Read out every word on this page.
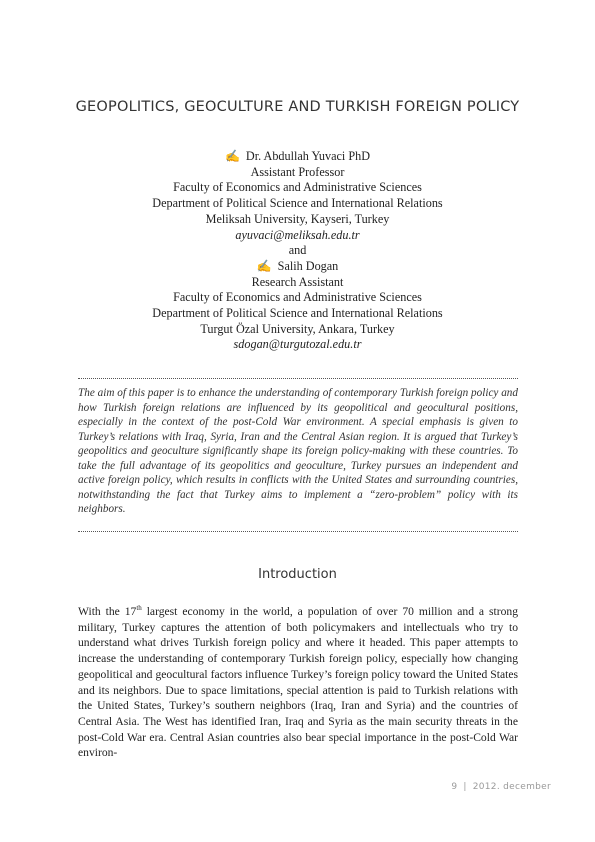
GEOPOLITICS, GEOCULTURE AND TURKISH FOREIGN POLICY
✍ Dr. Abdullah Yuvaci PhD
Assistant Professor
Faculty of Economics and Administrative Sciences
Department of Political Science and International Relations
Meliksah University, Kayseri, Turkey
ayuvaci@meliksah.edu.tr
and
✍ Salih Dogan
Research Assistant
Faculty of Economics and Administrative Sciences
Department of Political Science and International Relations
Turgut Özal University, Ankara, Turkey
sdogan@turgutozal.edu.tr

The aim of this paper is to enhance the understanding of contemporary Turkish foreign policy and how Turkish foreign relations are influenced by its geopolitical and geocultural positions, especially in the context of the post-Cold War environment. A special emphasis is given to Turkey’s relations with Iraq, Syria, Iran and the Central Asian region. It is argued that Turkey’s geopolitics and geoculture significantly shape its foreign policy-making with these countries. To take the full advantage of its geopolitics and geoculture, Turkey pursues an independent and active foreign policy, which results in conflicts with the United States and surrounding countries, notwithstanding the fact that Turkey aims to implement a “zero-problem” policy with its neighbors.

Introduction

With the 17th largest economy in the world, a population of over 70 million and a strong military, Turkey captures the attention of both policymakers and intellectuals who try to understand what drives Turkish foreign policy and where it headed. This paper attempts to increase the understanding of contemporary Turkish foreign policy, especially how changing geopolitical and geocultural factors influence Turkey’s foreign policy toward the United States and its neighbors. Due to space limitations, special attention is paid to Turkish relations with the United States, Turkey’s southern neighbors (Iraq, Iran and Syria) and the countries of Central Asia. The West has identified Iran, Iraq and Syria as the main security threats in the post-Cold War era. Central Asian countries also bear special importance in the post-Cold War environ-

9 | 2012. december
